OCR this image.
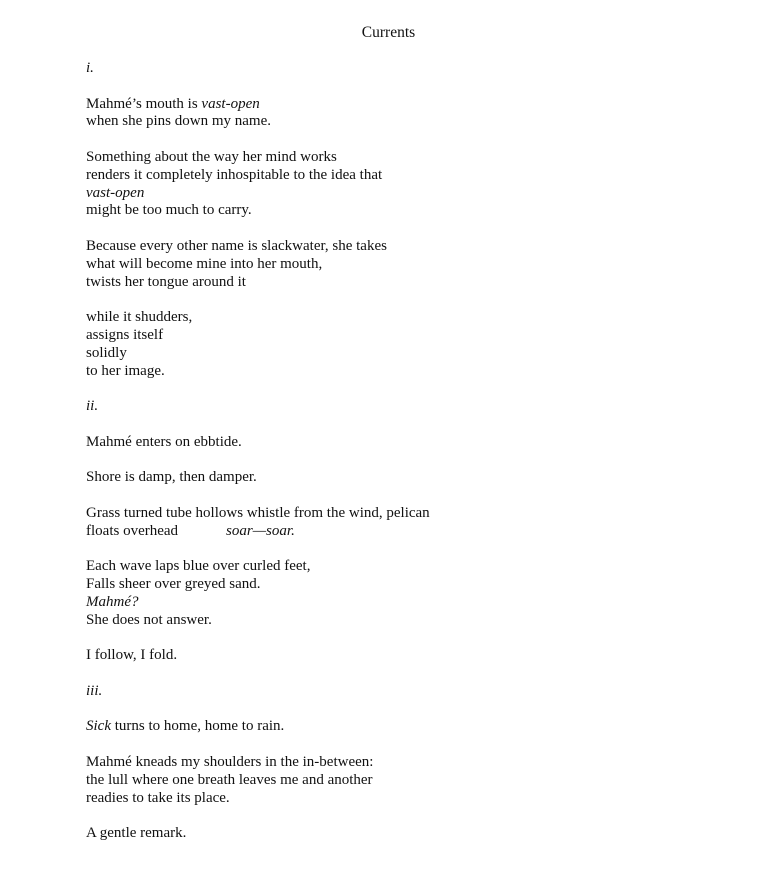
Currents
i.
Mahmé’s mouth is vast-open
when she pins down my name.
Something about the way her mind works
renders it completely inhospitable to the idea that
vast-open
might be too much to carry.
Because every other name is slackwater, she takes
what will become mine into her mouth,
twists her tongue around it
while it shudders,
assigns itself
solidly
to her image.
ii.
Mahmé enters on ebbtide.
Shore is damp, then damper.
Grass turned tube hollows whistle from the wind, pelican
floats overhead	soar—soar.
Each wave laps blue over curled feet,
Falls sheer over greyed sand.
Mahmé?
She does not answer.
I follow, I fold.
iii.
Sick turns to home, home to rain.
Mahmé kneads my shoulders in the in-between:
the lull where one breath leaves me and another
readies to take its place.
A gentle remark.
